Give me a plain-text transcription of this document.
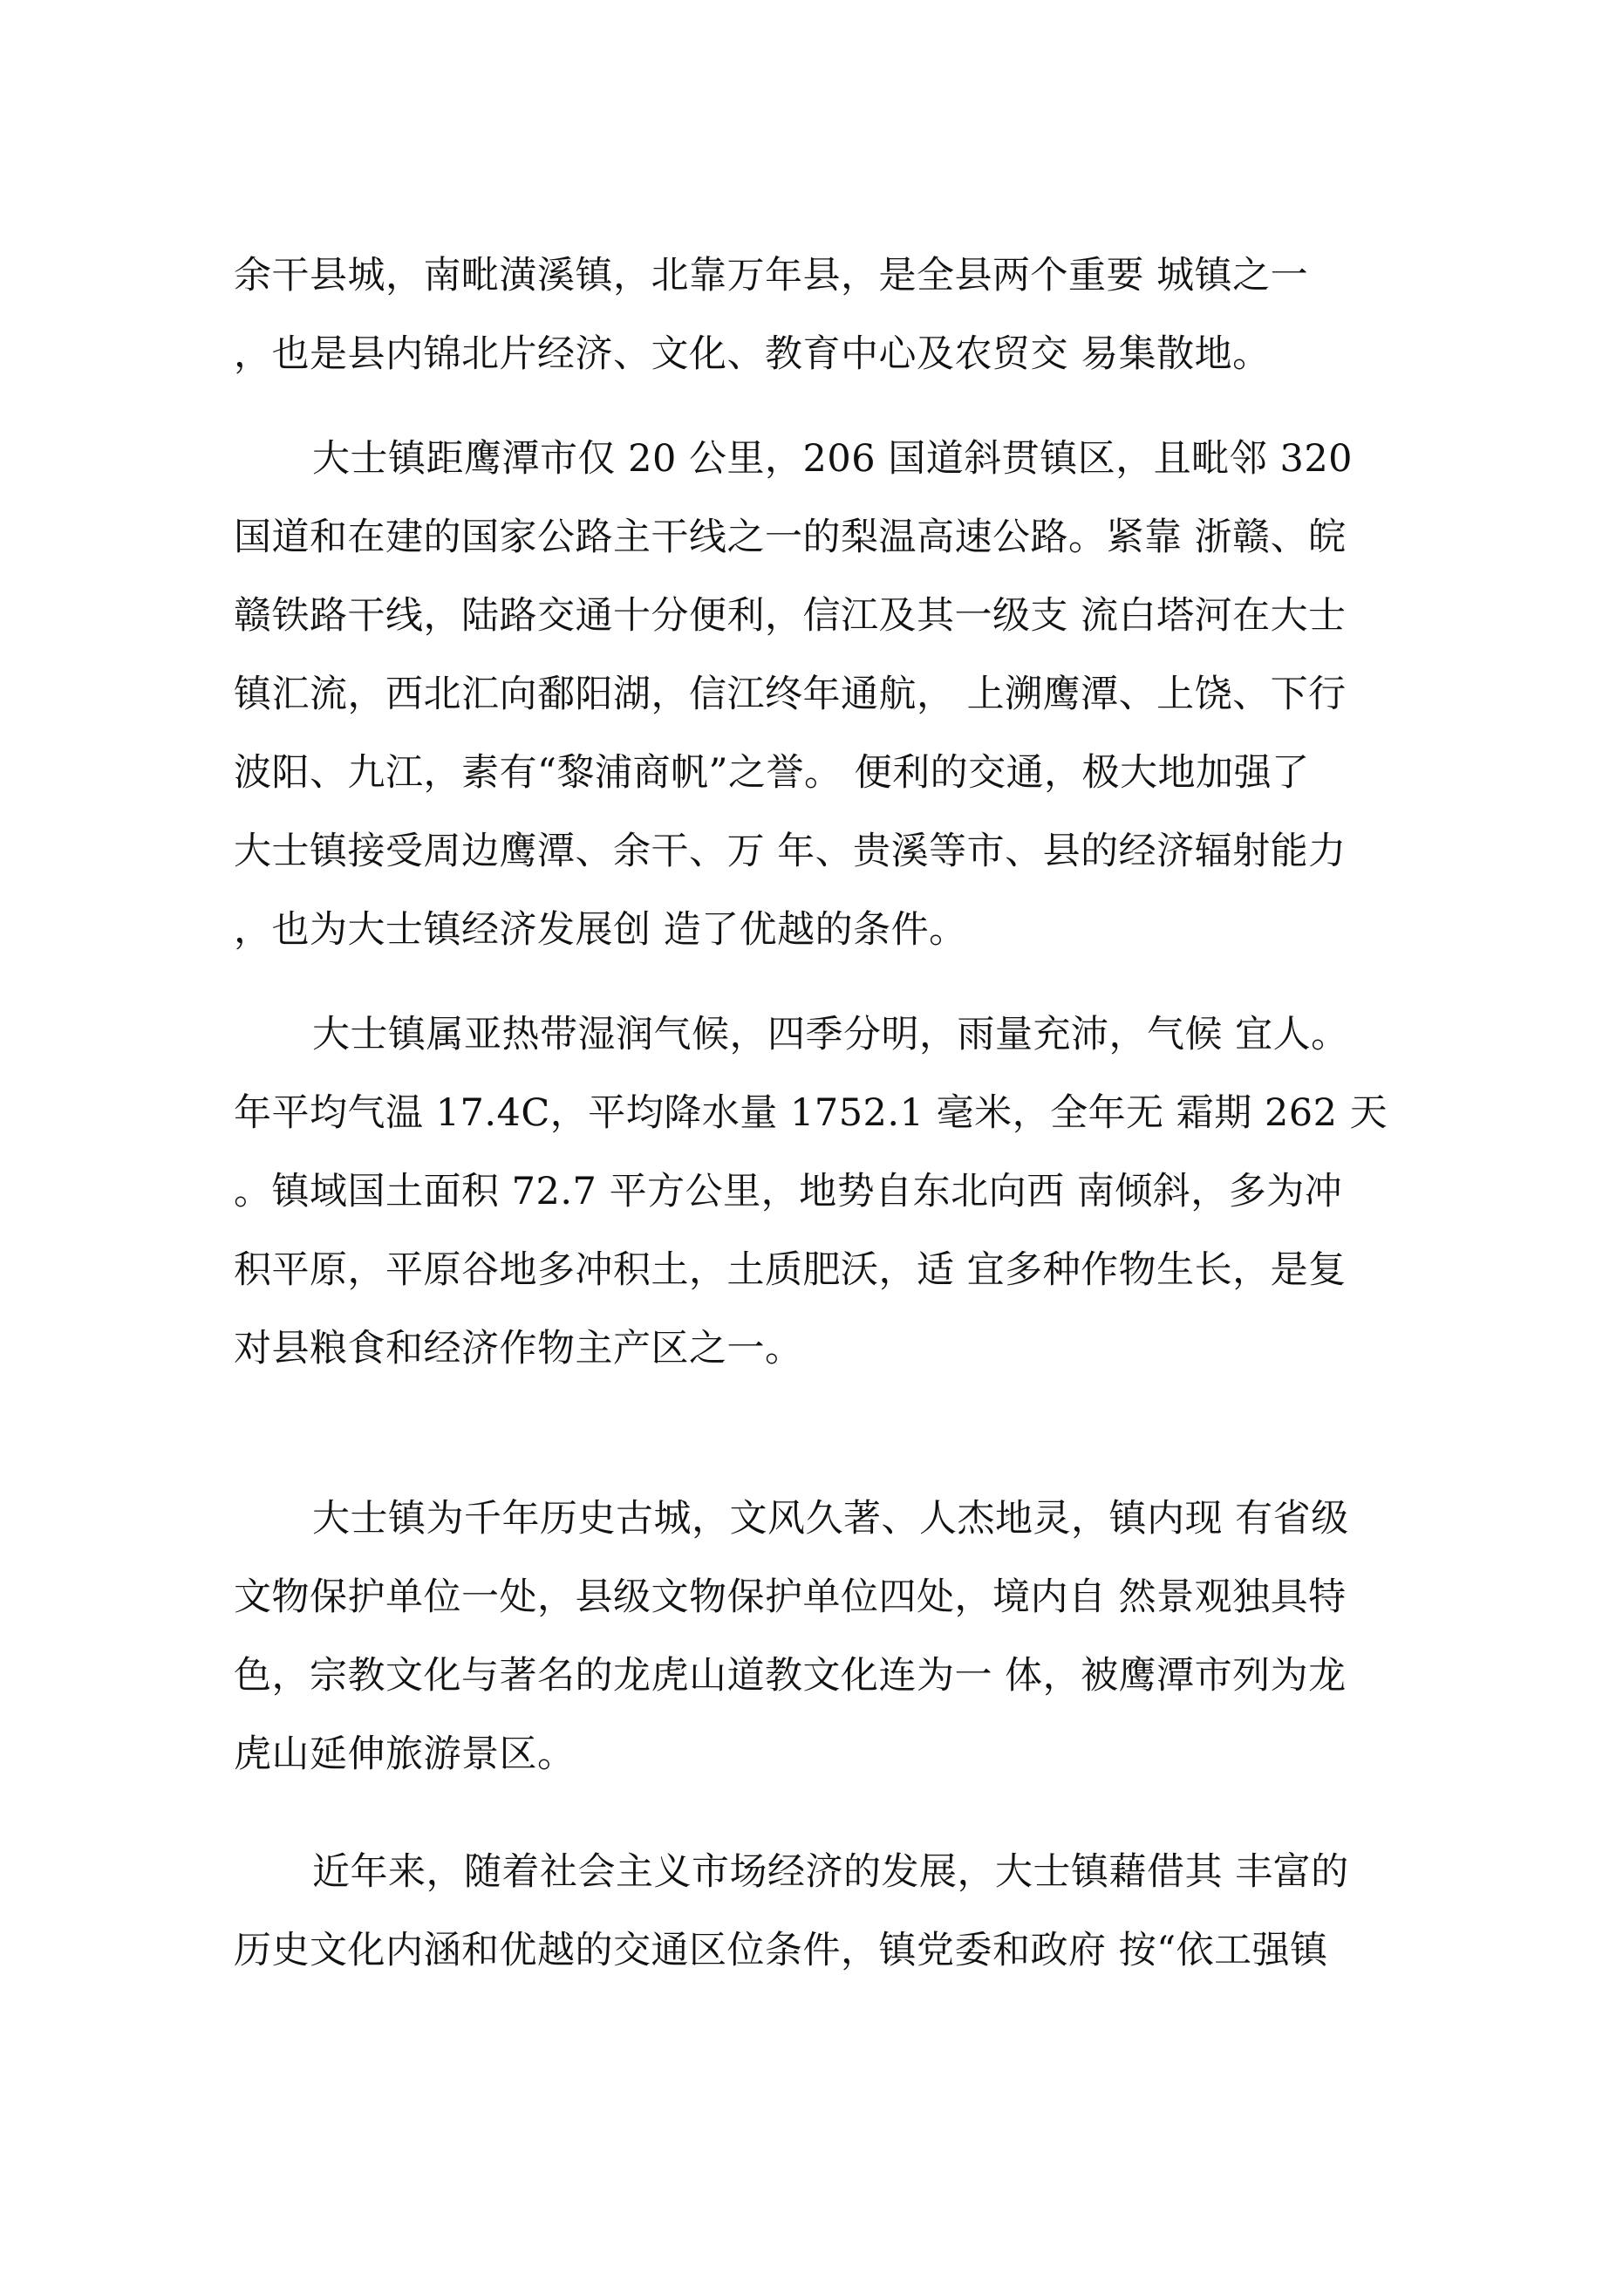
余干县城，南毗潢溪镇，北靠万年县，是全县两个重要 城镇之一
，也是县内锦北片经济、文化、教育中心及农贸交 易集散地。
大士镇距鹰潭市仅 20 公里，206 国道斜贯镇区，且毗邻 320
国道和在建的国家公路主干线之一的梨温高速公路。紧靠 浙赣、皖
赣铁路干线，陆路交通十分便利，信江及其一级支 流白塔河在大士
镇汇流，西北汇向鄱阳湖，信江终年通航， 上溯鹰潭、上饶、下行
波阳、九江，素有“黎浦商帆”之誉。 便利的交通，极大地加强了
大士镇接受周边鹰潭、余干、万 年、贵溪等市、县的经济辐射能力
，也为大士镇经济发展创 造了优越的条件。
大士镇属亚热带湿润气候，四季分明，雨量充沛，气候 宜人。
年平均气温 17.4C，平均降水量 1752.1 毫米，全年无 霜期 262 天
。镇域国土面积 72.7 平方公里，地势自东北向西 南倾斜，多为冲
积平原，平原谷地多冲积土，土质肥沃，适 宜多种作物生长，是复
对县粮食和经济作物主产区之一。
大士镇为千年历史古城，文风久著、人杰地灵，镇内现 有省级
文物保护单位一处，县级文物保护单位四处，境内自 然景观独具特
色，宗教文化与著名的龙虎山道教文化连为一 体，被鹰潭市列为龙
虎山延伸旅游景区。
近年来，随着社会主义市场经济的发展，大士镇藉借其 丰富的
历史文化内涵和优越的交通区位条件，镇党委和政府 按“依工强镇
